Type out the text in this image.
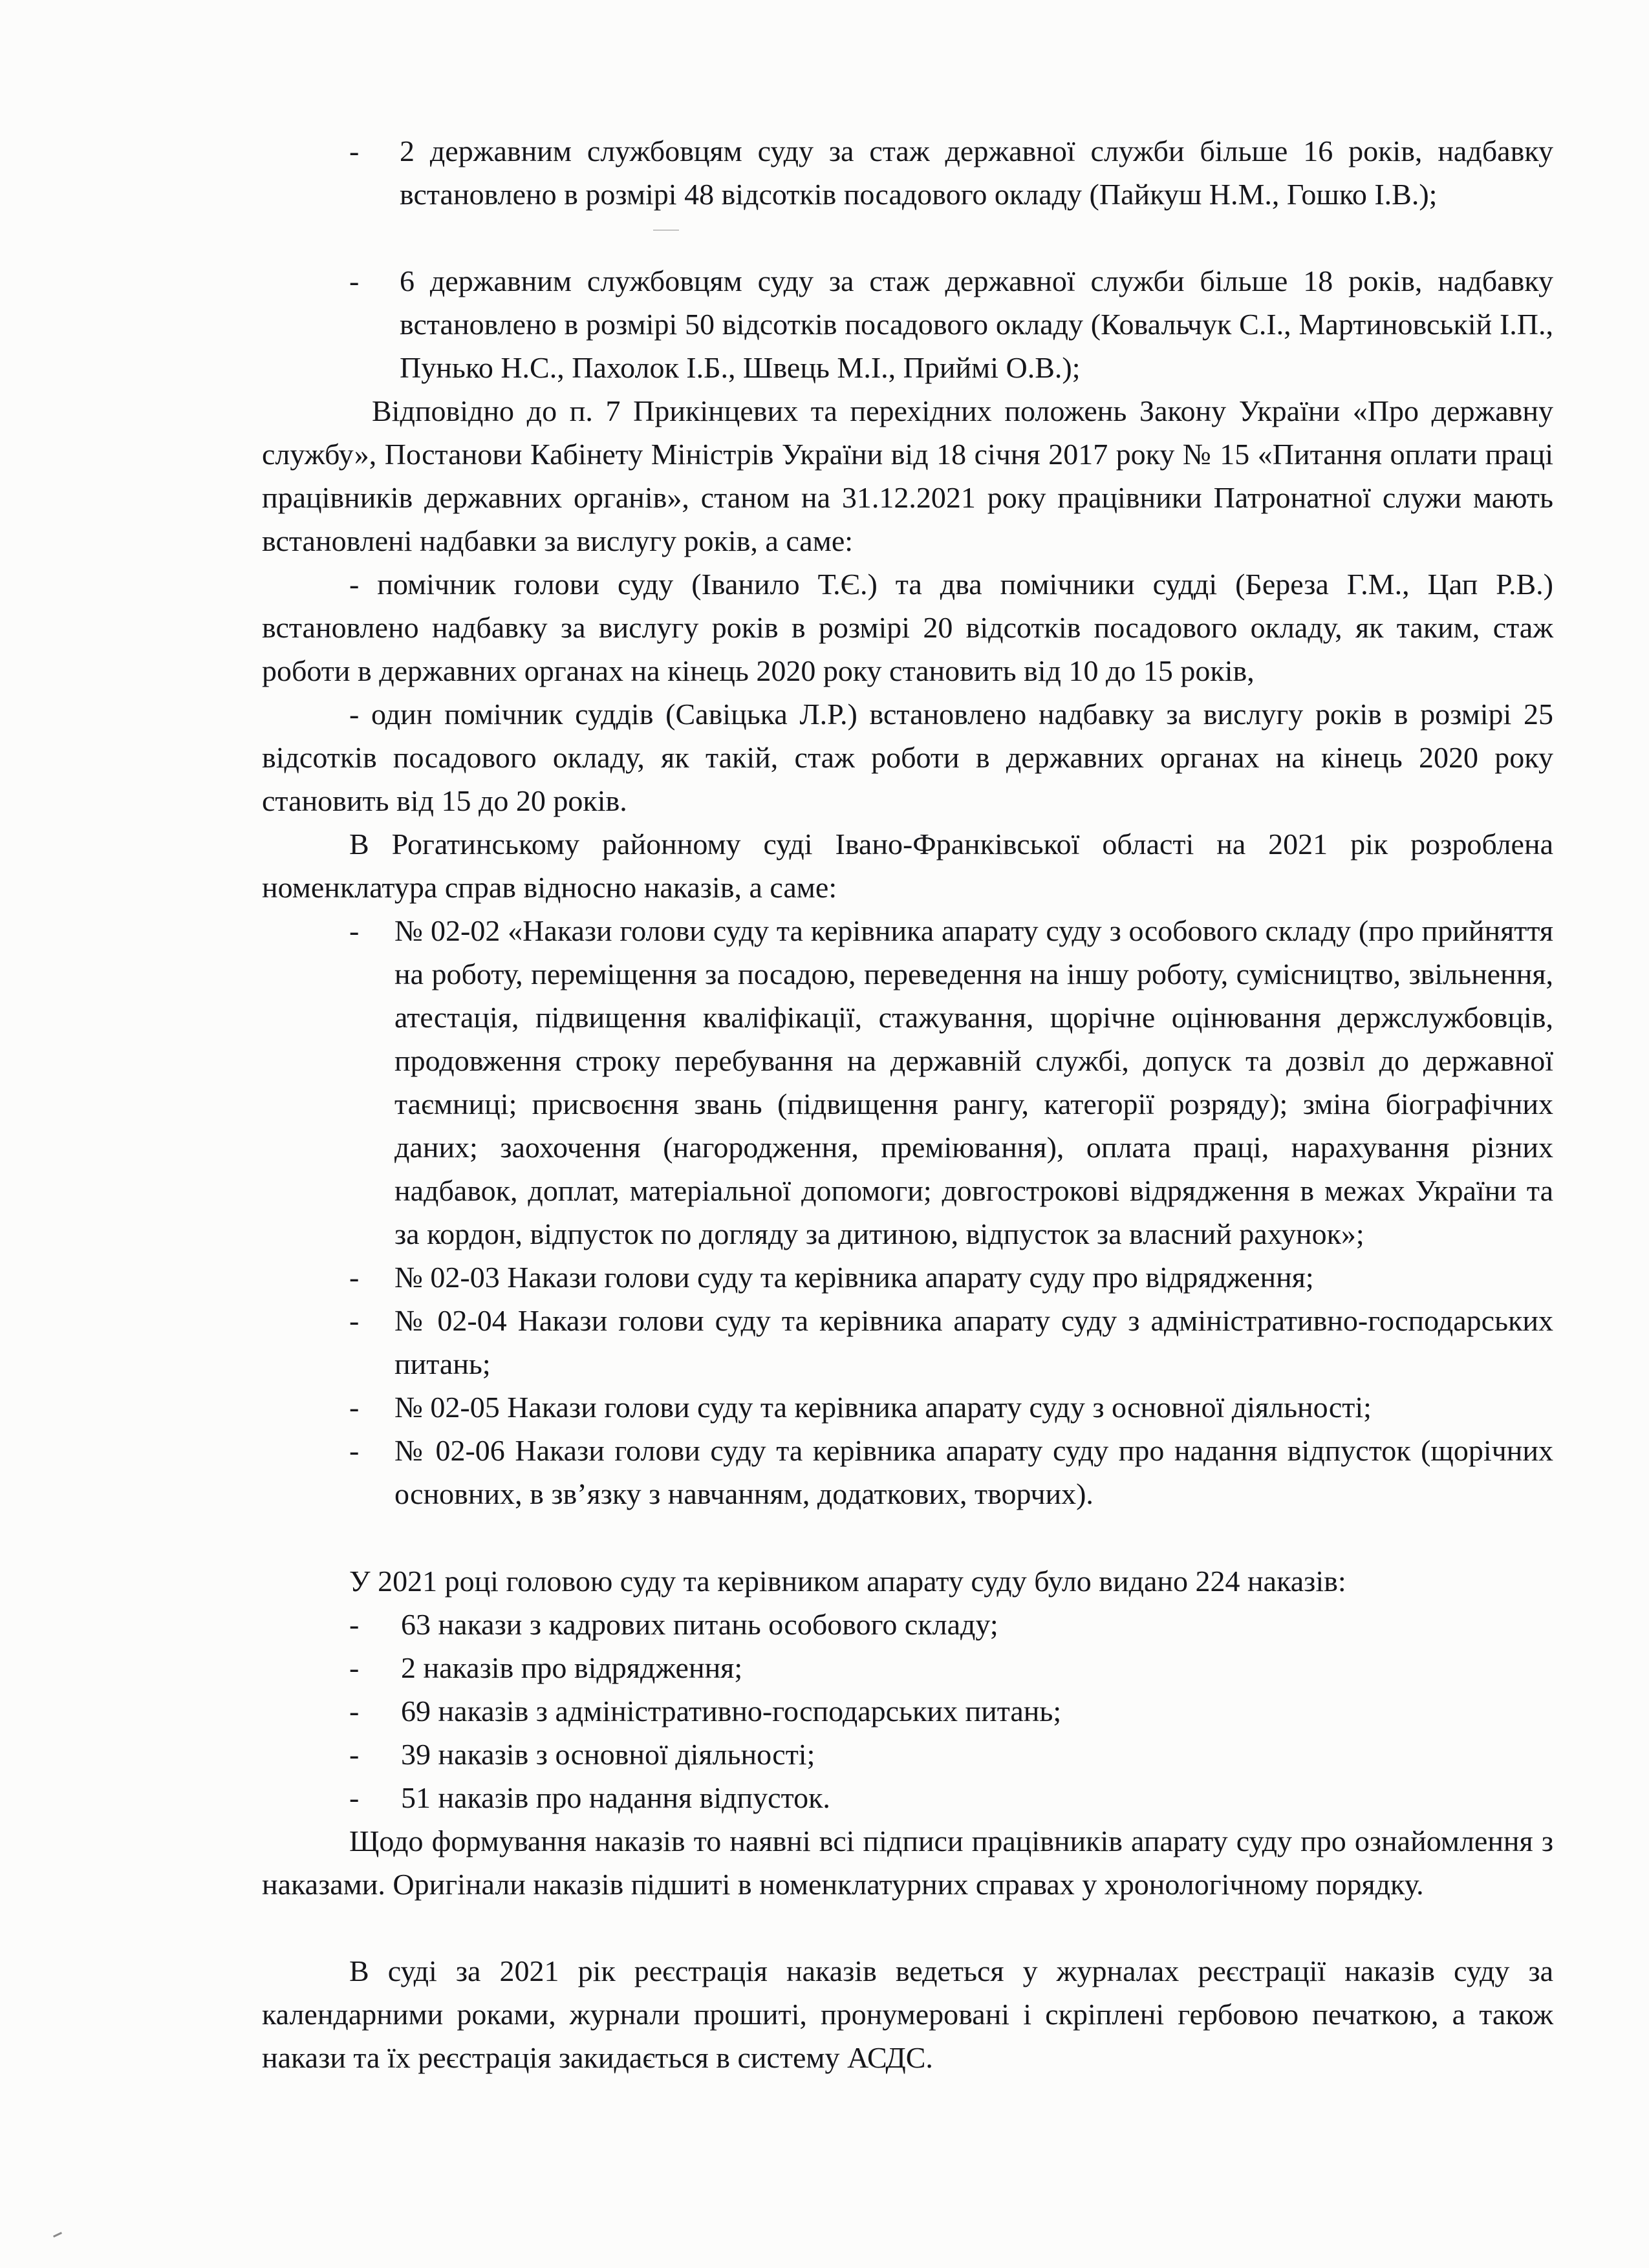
- 2 державним службовцям суду за стаж державної служби більше 16 років, надбавку встановлено в розмірі 48 відсотків посадового окладу (Пайкуш Н.М., Гошко І.В.);

- 6 державним службовцям суду за стаж державної служби більше 18 років, надбавку встановлено в розмірі 50 відсотків посадового окладу (Ковальчук С.І., Мартиновській І.П., Пунько Н.С., Пахолок І.Б., Швець М.І., Приймі О.В.);

Відповідно до п. 7 Прикінцевих та перехідних положень Закону України «Про державну службу», Постанови Кабінету Міністрів України від 18 січня 2017 року № 15 «Питання оплати праці працівників державних органів», станом на 31.12.2021 року працівники Патронатної служи мають встановлені надбавки за вислугу років, а саме:

- помічник голови суду (Іванило Т.Є.) та два помічники судді (Береза Г.М., Цап Р.В.) встановлено надбавку за вислугу років в розмірі 20 відсотків посадового окладу, як таким, стаж роботи в державних органах на кінець 2020 року становить від 10 до 15 років,

- один помічник суддів (Савіцька Л.Р.) встановлено надбавку за вислугу років в розмірі 25 відсотків посадового окладу, як такій, стаж роботи в державних органах на кінець 2020 року становить від 15 до 20 років.

В Рогатинському районному суді Івано-Франківської області на 2021 рік розроблена номенклатура справ відносно наказів, а саме:

- № 02-02 «Накази голови суду та керівника апарату суду з особового складу (про прийняття на роботу, переміщення за посадою, переведення на іншу роботу, сумісництво, звільнення, атестація, підвищення кваліфікації, стажування, щорічне оцінювання держслужбовців, продовження строку перебування на державній службі, допуск та дозвіл до державної таємниці; присвоєння звань (підвищення рангу, категорії розряду); зміна біографічних даних; заохочення (нагородження, преміювання), оплата праці, нарахування різних надбавок, доплат, матеріальної допомоги; довгострокові відрядження в межах України та за кордон, відпусток по догляду за дитиною, відпусток за власний рахунок»;

- № 02-03 Накази голови суду та керівника апарату суду про відрядження;

- № 02-04 Накази голови суду та керівника апарату суду з адміністративно-господарських питань;

- № 02-05 Накази голови суду та керівника апарату суду з основної діяльності;

- № 02-06 Накази голови суду та керівника апарату суду про надання відпусток (щорічних основних, в зв’язку з навчанням, додаткових, творчих).

У 2021 році головою суду та керівником апарату суду було видано 224 наказів:

- 63 накази з кадрових питань особового складу;

- 2 наказів про відрядження;

- 69 наказів з адміністративно-господарських питань;

- 39 наказів з основної діяльності;

- 51 наказів про надання відпусток.

Щодо формування наказів то наявні всі підписи працівників апарату суду про ознайомлення з наказами. Оригінали наказів підшиті в номенклатурних справах у хронологічному порядку.

В суді за 2021 рік реєстрація наказів ведеться у журналах реєстрації наказів суду за календарними роками, журнали прошиті, пронумеровані і скріплені гербовою печаткою, а також накази та їх реєстрація закидається в систему АСДС.
